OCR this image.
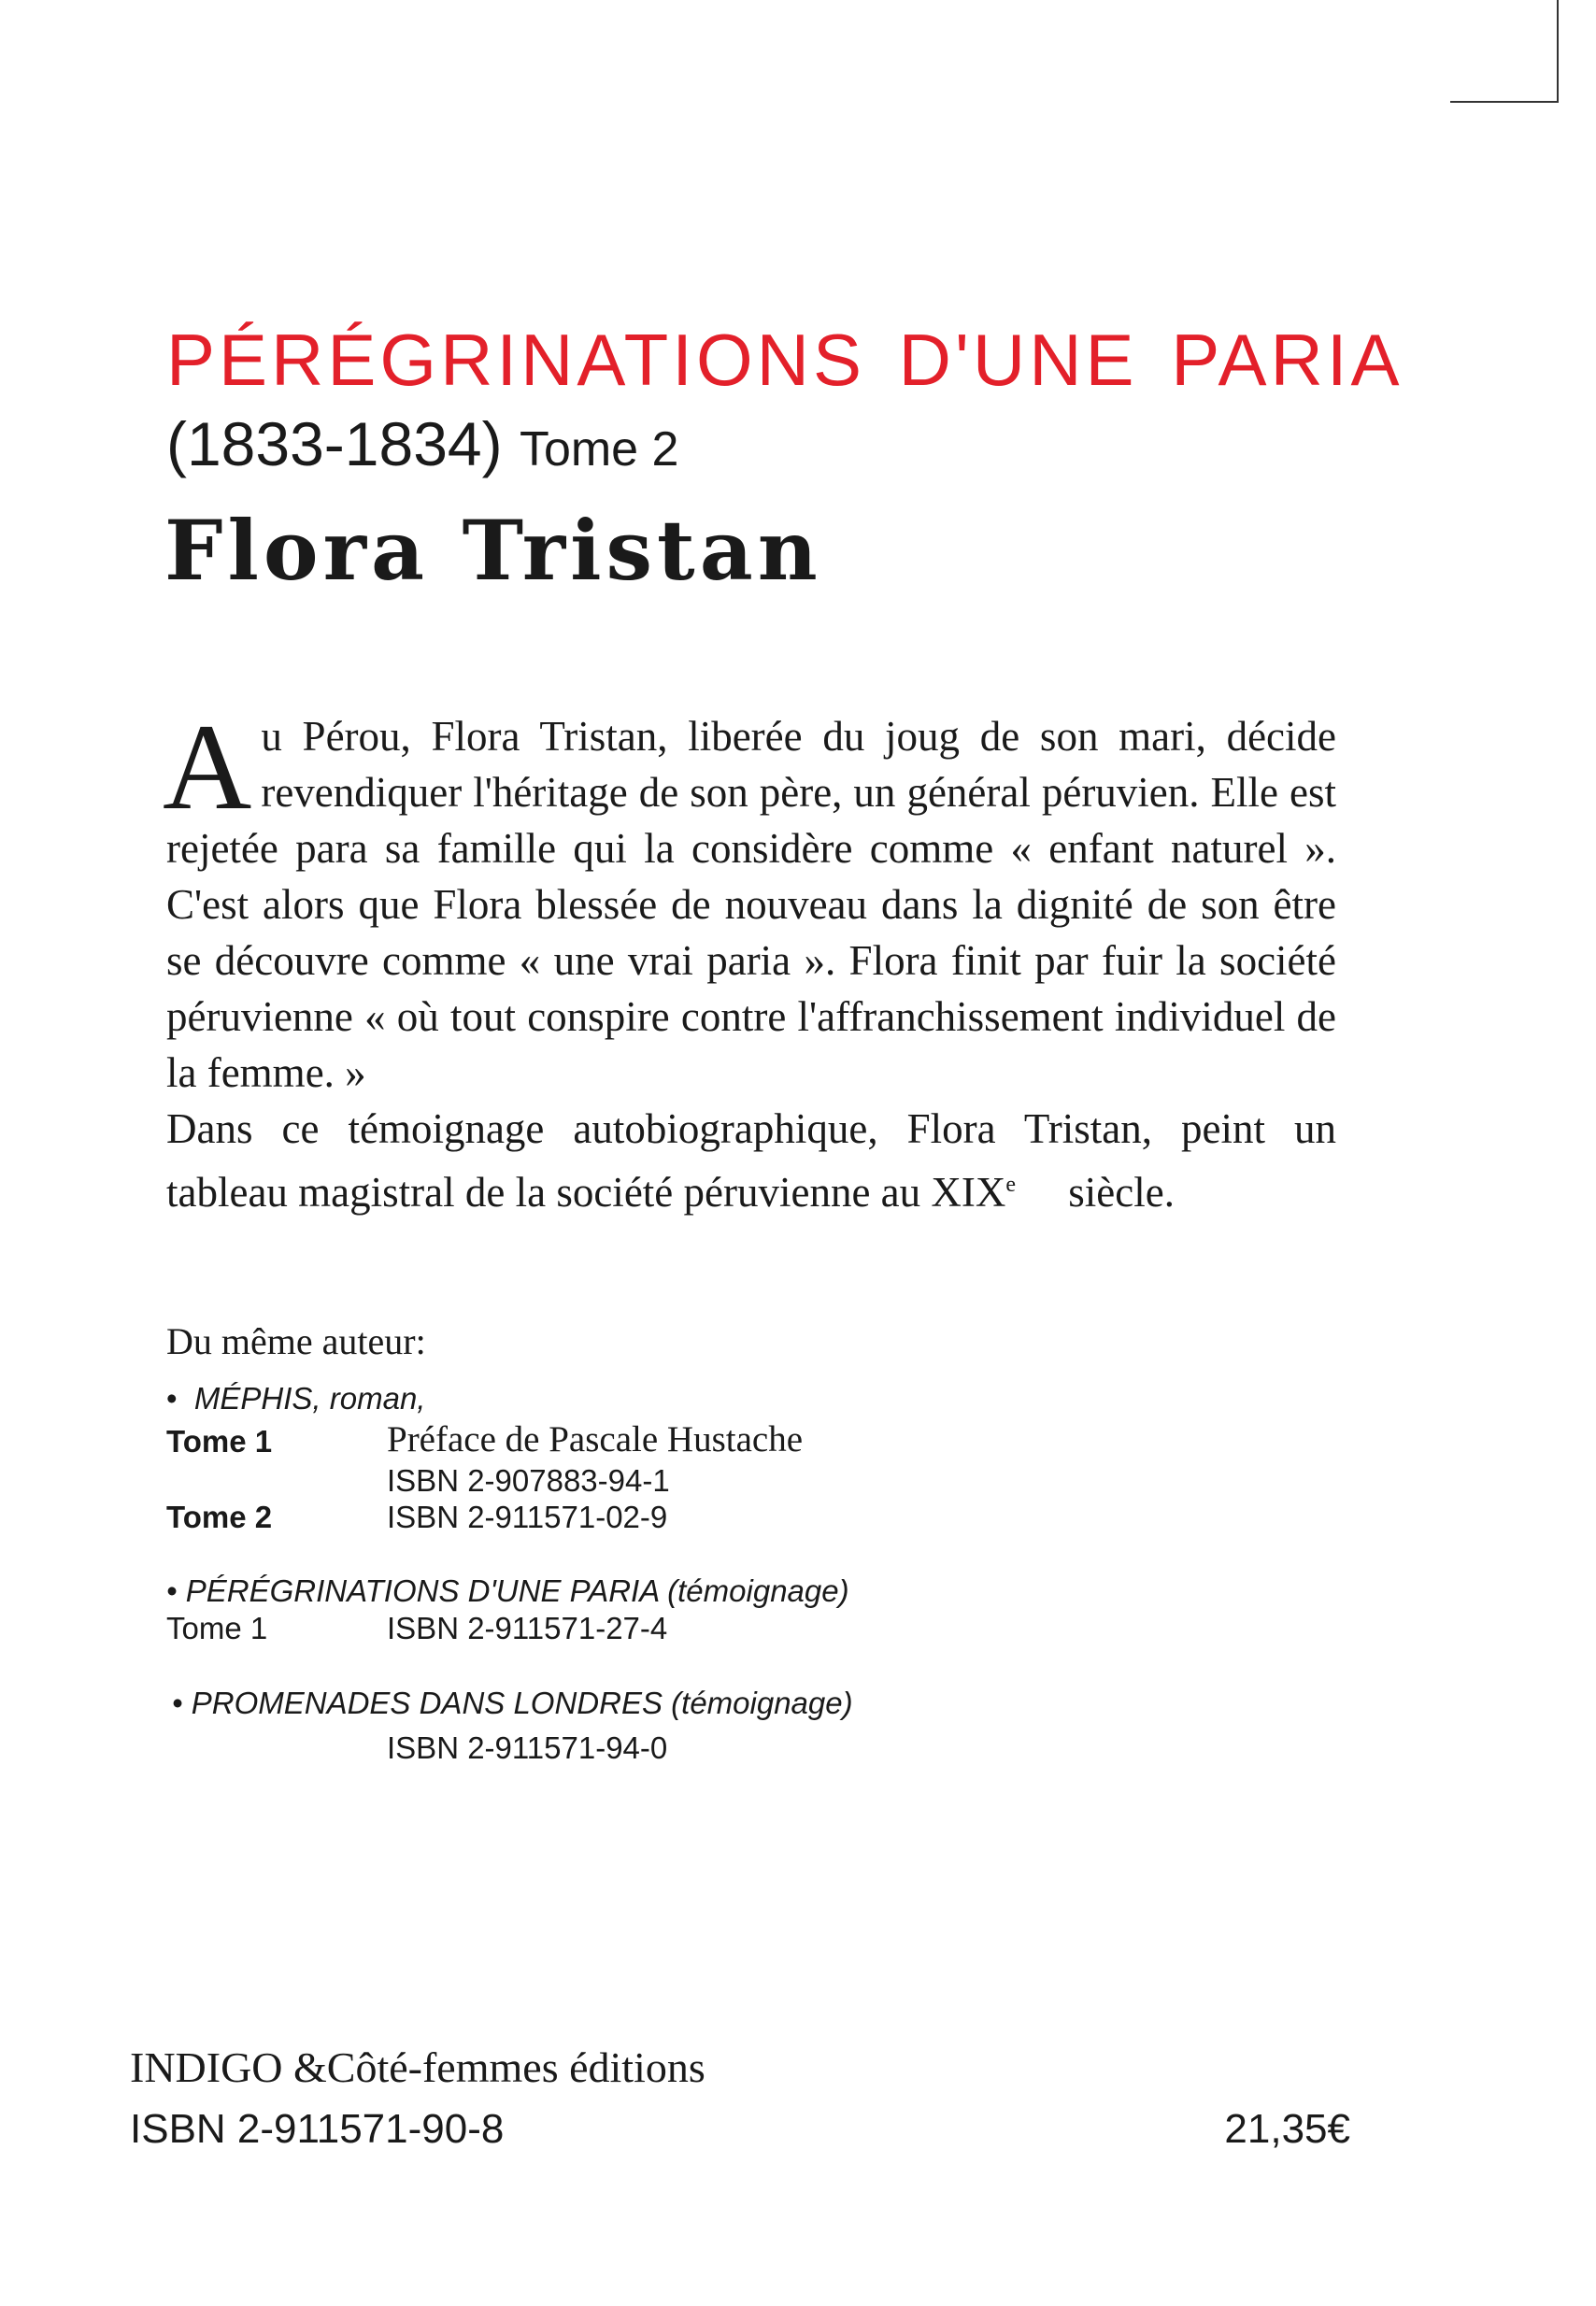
PÉRÉGRINATIONS D'UNE PARIA
(1833-1834) Tome 2
Flora Tristan

Au Pérou, Flora Tristan, liberée du joug de son mari, décide revendiquer l'héritage de son père, un général péruvien. Elle est rejetée para sa famille qui la considère comme « enfant naturel ». C'est alors que Flora blessée de nouveau dans la dignité de son être se découvre comme « une vrai paria ». Flora finit par fuir la société péruvienne « où tout conspire contre l'affranchissement individuel de la femme. »

Dans ce témoignage autobiographique, Flora Tristan, peint un tableau magistral de la société péruvienne au XIXe siècle.

Du même auteur:
•  MÉPHIS, roman,
Tome 1	Préface de Pascale Hustache
ISBN 2-907883-94-1
Tome 2	ISBN 2-911571-02-9
• PÉRÉGRINATIONS D'UNE PARIA (témoignage)
Tome 1	ISBN 2-911571-27-4
• PROMENADES DANS LONDRES (témoignage)
ISBN 2-911571-94-0
INDIGO &Côté-femmes éditions
ISBN 2-911571-90-8	21,35€
